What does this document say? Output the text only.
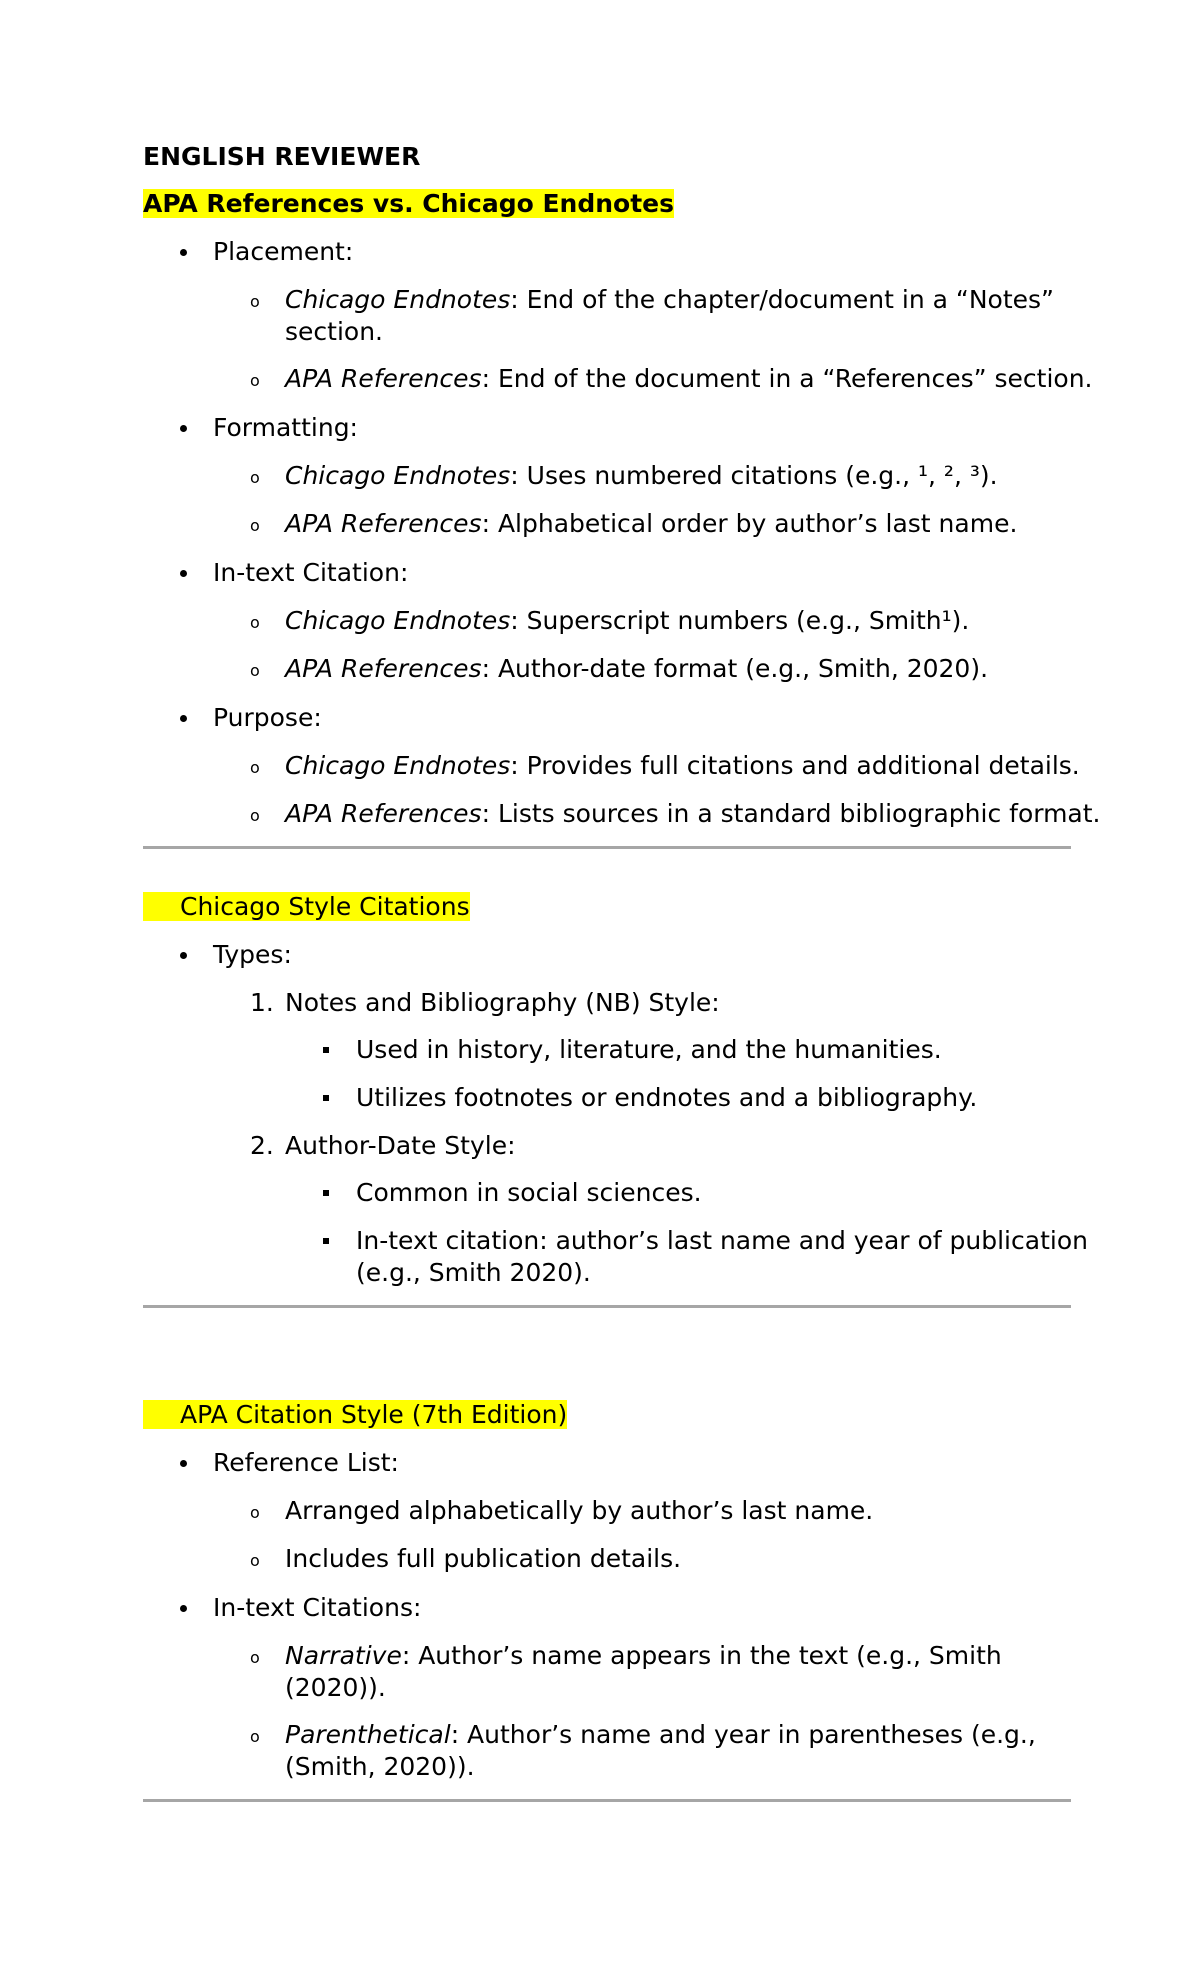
ENGLISH REVIEWER
APA References vs. Chicago Endnotes
Placement:
o Chicago Endnotes: End of the chapter/document in a “Notes”
section.
o APA References: End of the document in a “References” section.
Formatting:
o Chicago Endnotes: Uses numbered citations (e.g., ¹, ², ³).
o APA References: Alphabetical order by author’s last name.
In-text Citation:
o Chicago Endnotes: Superscript numbers (e.g., Smith¹).
o APA References: Author-date format (e.g., Smith, 2020).
Purpose:
o Chicago Endnotes: Provides full citations and additional details.
o APA References: Lists sources in a standard bibliographic format.
Chicago Style Citations
Types:
1. Notes and Bibliography (NB) Style:
Used in history, literature, and the humanities.
Utilizes footnotes or endnotes and a bibliography.
2. Author-Date Style:
Common in social sciences.
In-text citation: author’s last name and year of publication
(e.g., Smith 2020).
APA Citation Style (7th Edition)
Reference List:
o Arranged alphabetically by author’s last name.
o Includes full publication details.
In-text Citations:
o Narrative: Author’s name appears in the text (e.g., Smith
(2020)).
o Parenthetical: Author’s name and year in parentheses (e.g.,
(Smith, 2020)).
